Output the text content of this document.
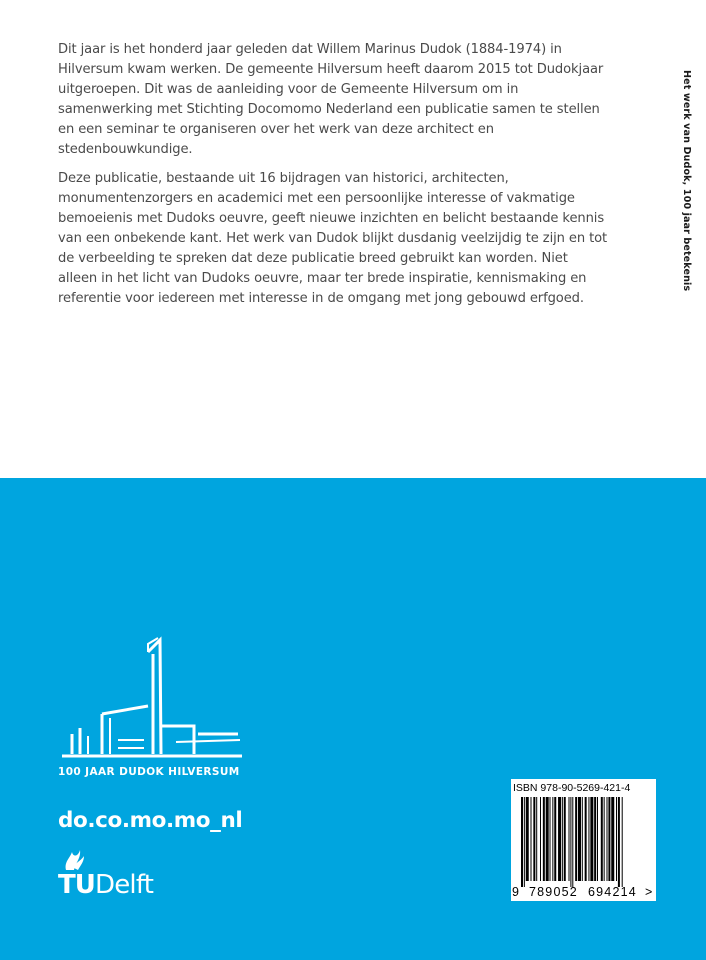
Dit jaar is het honderd jaar geleden dat Willem Marinus Dudok (1884-1974) in Hilversum kwam werken. De gemeente Hilversum heeft daarom 2015 tot Dudokjaar uitgeroepen. Dit was de aanleiding voor de Gemeente Hilversum om in samenwerking met Stichting Docomomo Nederland een publicatie samen te stellen en een seminar te organiseren over het werk van deze architect en stedenbouwkundige.

Deze publicatie, bestaande uit 16 bijdragen van historici, architecten, monumentenzorgers en academici met een persoonlijke interesse of vakmatige bemoeienis met Dudoks oeuvre, geeft nieuwe inzichten en belicht bestaande kennis van een onbekende kant. Het werk van Dudok blijkt dusdanig veelzijdig te zijn en tot de verbeelding te spreken dat deze publicatie breed gebruikt kan worden. Niet alleen in het licht van Dudoks oeuvre, maar ter brede inspiratie, kennismaking en referentie voor iedereen met interesse in de omgang met jong gebouwd erfgoed.

Het werk van Dudok, 100 jaar betekenis
100 JAAR DUDOK HILVERSUM
do.co.mo.mo_nl
TU Delft
ISBN 978-90-5269-421-4
9 789052 694214 >
